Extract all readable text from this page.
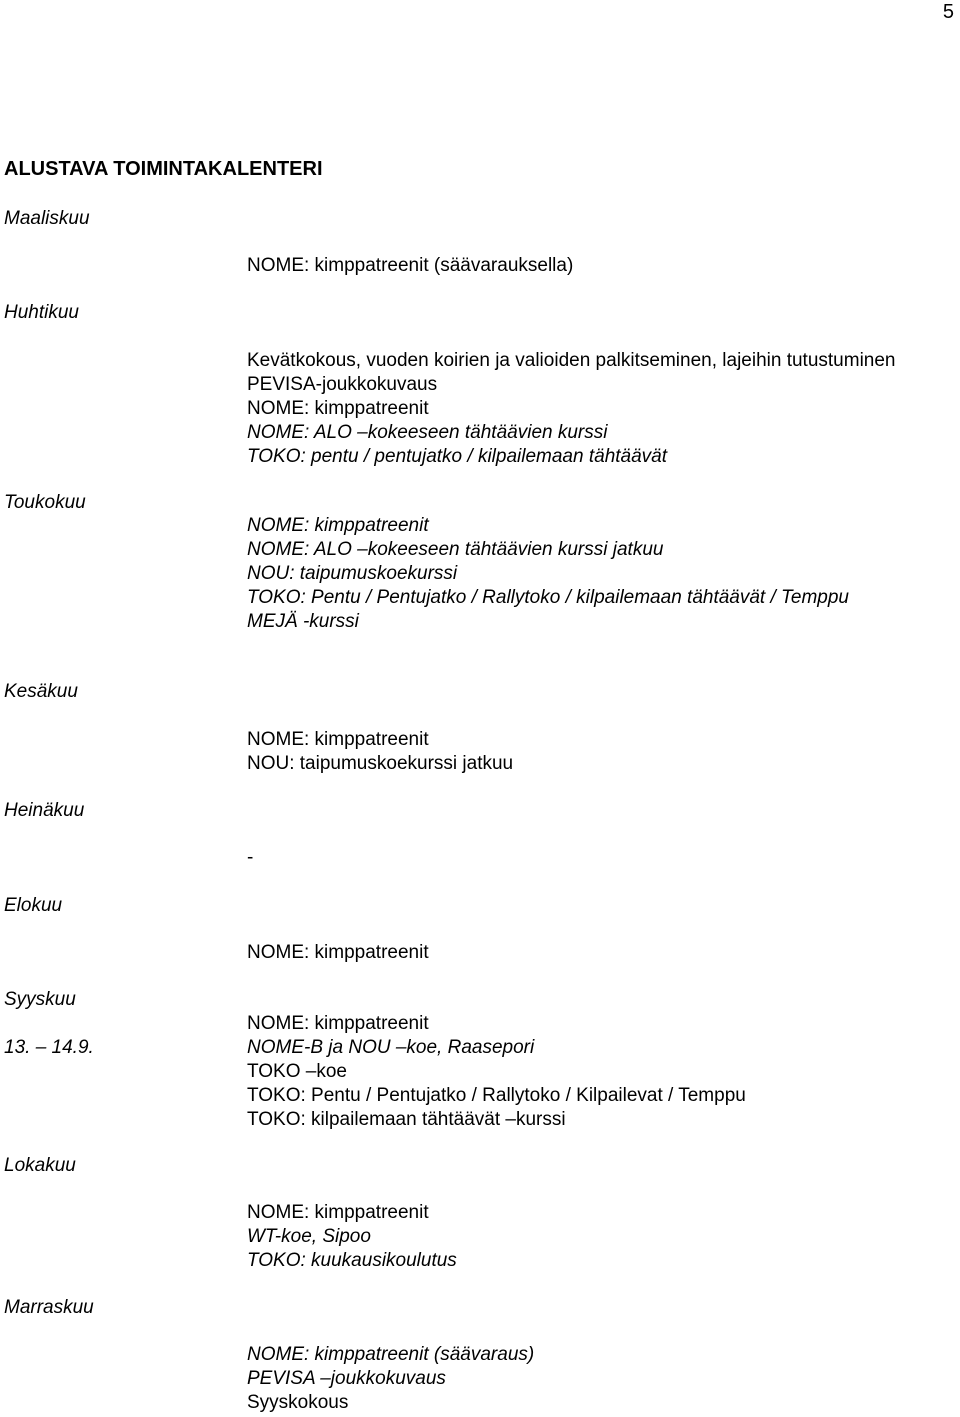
5
ALUSTAVA TOIMINTAKALENTERI
Maaliskuu
NOME: kimppatreenit (säävarauksella)
Huhtikuu
Kevätkokous, vuoden koirien ja valioiden palkitseminen, lajeihin tutustuminen
PEVISA-joukkokuvaus
NOME: kimppatreenit
NOME: ALO –kokeeseen tähtäävien kurssi
TOKO: pentu / pentujatko / kilpailemaan tähtäävät
Toukokuu
NOME: kimppatreenit
NOME: ALO –kokeeseen tähtäävien kurssi jatkuu
NOU: taipumuskoekurssi
TOKO: Pentu / Pentujatko / Rallytoko / kilpailemaan tähtäävät / Temppu
MEJÄ -kurssi
Kesäkuu
NOME: kimppatreenit
NOU: taipumuskoekurssi jatkuu
Heinäkuu
-
Elokuu
NOME: kimppatreenit
Syyskuu
13. – 14.9.
NOME: kimppatreenit
NOME-B ja NOU –koe, Raasepori
TOKO –koe
TOKO: Pentu / Pentujatko / Rallytoko / Kilpailevat / Temppu
TOKO: kilpailemaan tähtäävät –kurssi
Lokakuu
NOME: kimppatreenit
WT-koe, Sipoo
TOKO: kuukausikoulutus
Marraskuu
NOME: kimppatreenit (säävaraus)
PEVISA –joukkokuvaus
Syyskokous
